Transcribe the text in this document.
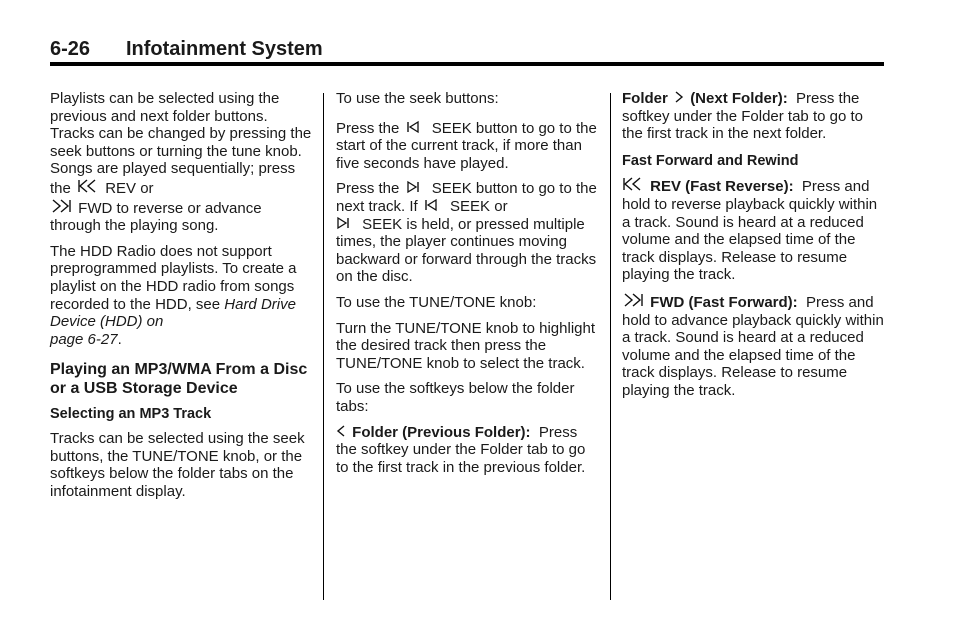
6-26 Infotainment System

Playlists can be selected using the previous and next folder buttons. Tracks can be changed by pressing the seek buttons or turning the tune knob. Songs are played sequentially; press the REV or
FWD to reverse or advance through the playing song.

The HDD Radio does not support preprogrammed playlists. To create a playlist on the HDD radio from songs recorded to the HDD, see Hard Drive Device (HDD) on
page 6-27.

Playing an MP3/WMA From a Disc or a USB Storage Device
Selecting an MP3 Track

Tracks can be selected using the seek buttons, the TUNE/TONE knob, or the softkeys below the folder tabs on the infotainment display.

To use the seek buttons:

Press the SEEK button to go to the start of the current track, if more than five seconds have played.

Press the SEEK button to go to the next track. If SEEK or
SEEK is held, or pressed multiple times, the player continues moving backward or forward through the tracks on the disc.

To use the TUNE/TONE knob:

Turn the TUNE/TONE knob to highlight the desired track then press the TUNE/TONE knob to select the track.

To use the softkeys below the folder tabs:

Folder (Previous Folder): Press the softkey under the Folder tab to go to the first track in the previous folder.

Folder (Next Folder): Press the softkey under the Folder tab to go to the first track in the next folder.

Fast Forward and Rewind

REV (Fast Reverse): Press and hold to reverse playback quickly within a track. Sound is heard at a reduced volume and the elapsed time of the track displays. Release to resume playing the track.

FWD (Fast Forward): Press and hold to advance playback quickly within a track. Sound is heard at a reduced volume and the elapsed time of the track displays. Release to resume playing the track.
